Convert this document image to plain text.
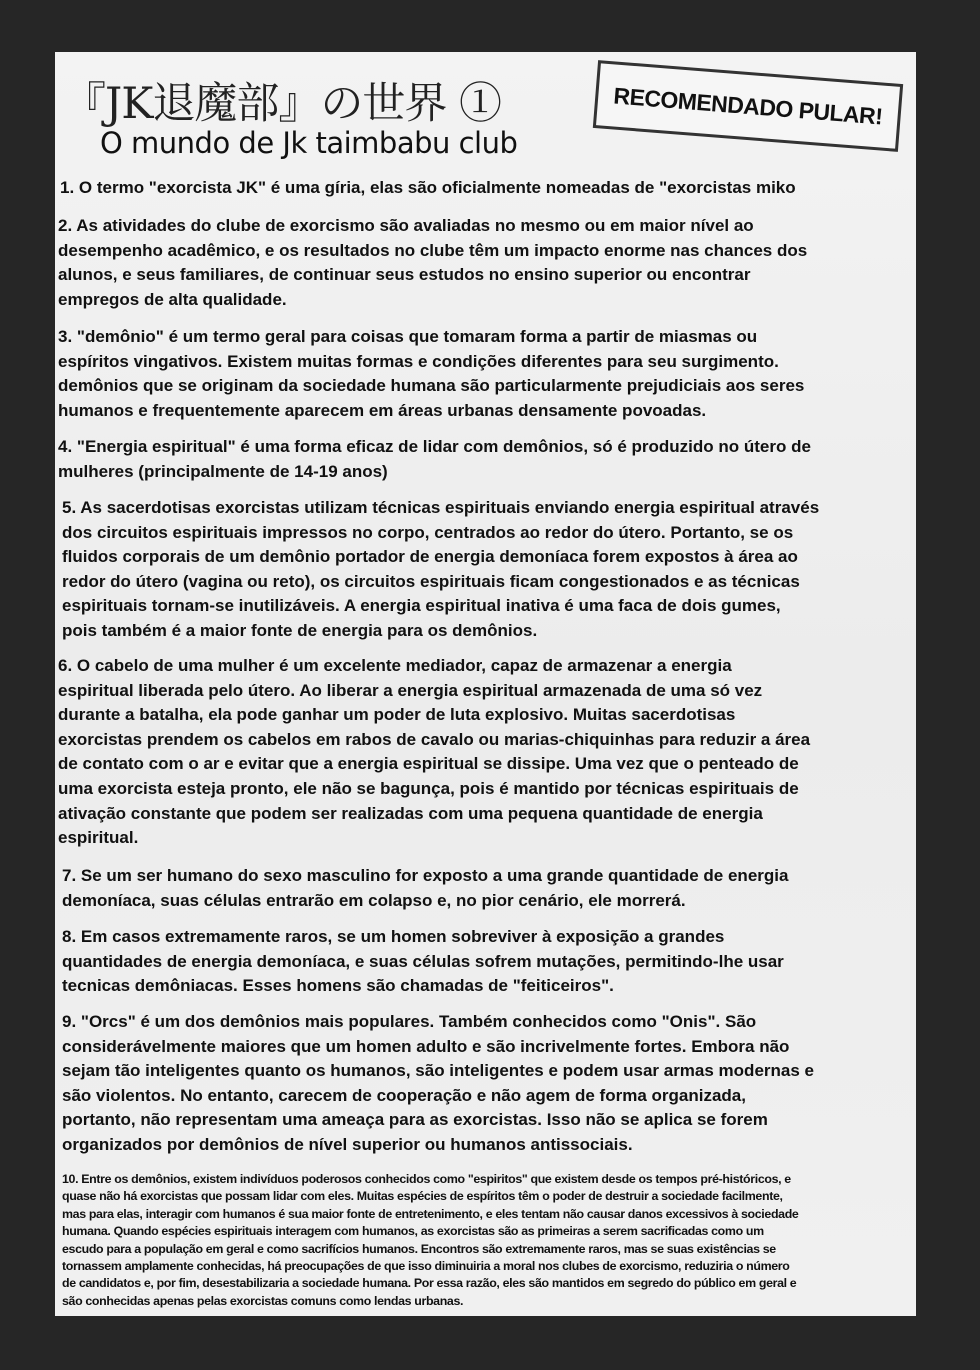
『JK退魔部』の世界 ①
O mundo de Jk taimbabu club
RECOMENDADO PULAR!
1. O termo "exorcista JK" é uma gíria, elas são oficialmente nomeadas de "exorcistas miko
2. As atividades do clube de exorcismo são avaliadas no mesmo ou em maior nível ao
desempenho acadêmico, e os resultados no clube têm um impacto enorme nas chances dos
alunos, e seus familiares, de continuar seus estudos no ensino superior ou encontrar
empregos de alta qualidade.
3. "demônio" é um termo geral para coisas que tomaram forma a partir de miasmas ou
espíritos vingativos. Existem muitas formas e condições diferentes para seu surgimento.
demônios que se originam da sociedade humana são particularmente prejudiciais aos seres
humanos e frequentemente aparecem em áreas urbanas densamente povoadas.
4. "Energia espiritual" é uma forma eficaz de lidar com demônios, só é produzido no útero de
mulheres (principalmente de 14-19 anos)
5. As sacerdotisas exorcistas utilizam técnicas espirituais enviando energia espiritual através
dos circuitos espirituais impressos no corpo, centrados ao redor do útero. Portanto, se os
fluidos corporais de um demônio portador de energia demoníaca forem expostos à área ao
redor do útero (vagina ou reto), os circuitos espirituais ficam congestionados e as técnicas
espirituais tornam-se inutilizáveis. A energia espiritual inativa é uma faca de dois gumes,
pois também é a maior fonte de energia para os demônios.
6. O cabelo de uma mulher é um excelente mediador, capaz de armazenar a energia
espiritual liberada pelo útero. Ao liberar a energia espiritual armazenada de uma só vez
durante a batalha, ela pode ganhar um poder de luta explosivo. Muitas sacerdotisas
exorcistas prendem os cabelos em rabos de cavalo ou marias-chiquinhas para reduzir a área
de contato com o ar e evitar que a energia espiritual se dissipe. Uma vez que o penteado de
uma exorcista esteja pronto, ele não se bagunça, pois é mantido por técnicas espirituais de
ativação constante que podem ser realizadas com uma pequena quantidade de energia
espiritual.
7. Se um ser humano do sexo masculino for exposto a uma grande quantidade de energia
demoníaca, suas células entrarão em colapso e, no pior cenário, ele morrerá.
8. Em casos extremamente raros, se um homen sobreviver à exposição a grandes
quantidades de energia demoníaca, e suas células sofrem mutações, permitindo-lhe usar
tecnicas demôniacas. Esses homens são chamadas de "feiticeiros".
9. "Orcs" é um dos demônios mais populares. Também conhecidos como "Onis". São
considerávelmente maiores que um homen adulto e são incrivelmente fortes. Embora não
sejam tão inteligentes quanto os humanos, são inteligentes e podem usar armas modernas e
são violentos. No entanto, carecem de cooperação e não agem de forma organizada,
portanto, não representam uma ameaça para as exorcistas. Isso não se aplica se forem
organizados por demônios de nível superior ou humanos antissociais.
10. Entre os demônios, existem indivíduos poderosos conhecidos como "espiritos" que existem desde os tempos pré-históricos, e
quase não há exorcistas que possam lidar com eles. Muitas espécies de espíritos têm o poder de destruir a sociedade facilmente,
mas para elas, interagir com humanos é sua maior fonte de entretenimento, e eles tentam não causar danos excessivos à sociedade
humana. Quando espécies espirituais interagem com humanos, as exorcistas são as primeiras a serem sacrificadas como um
escudo para a população em geral e como sacrifícios humanos. Encontros são extremamente raros, mas se suas existências se
tornassem amplamente conhecidas, há preocupações de que isso diminuiria a moral nos clubes de exorcismo, reduziria o número
de candidatos e, por fim, desestabilizaria a sociedade humana. Por essa razão, eles são mantidos em segredo do público em geral e
são conhecidas apenas pelas exorcistas comuns como lendas urbanas.
